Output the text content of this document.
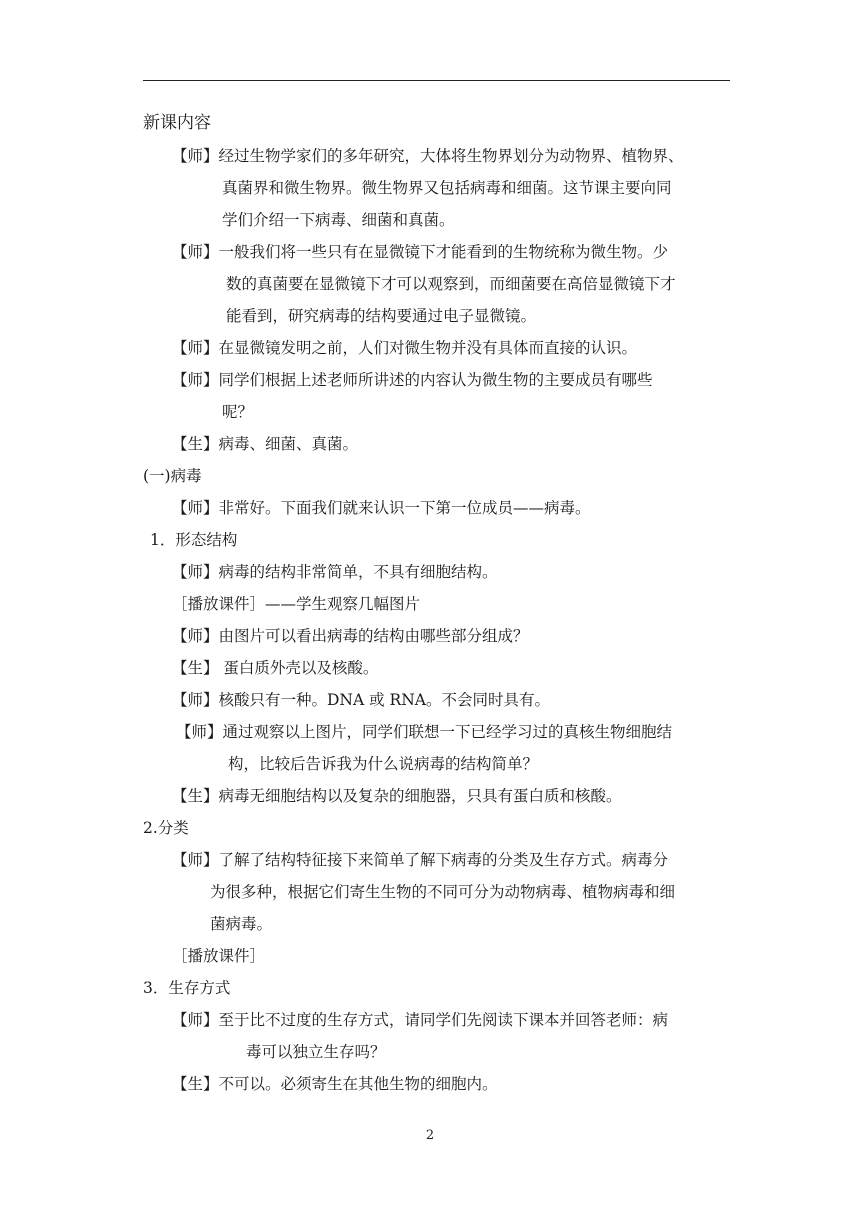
新课内容
【师】经过生物学家们的多年研究，大体将生物界划分为动物界、植物界、
真菌界和微生物界。微生物界又包括病毒和细菌。这节课主要向同
学们介绍一下病毒、细菌和真菌。
【师】一般我们将一些只有在显微镜下才能看到的生物统称为微生物。少
数的真菌要在显微镜下才可以观察到，而细菌要在高倍显微镜下才
能看到，研究病毒的结构要通过电子显微镜。
【师】在显微镜发明之前，人们对微生物并没有具体而直接的认识。
【师】同学们根据上述老师所讲述的内容认为微生物的主要成员有哪些
呢？
【生】病毒、细菌、真菌。
(一)病毒
【师】非常好。下面我们就来认识一下第一位成员——病毒。
1．形态结构
【师】病毒的结构非常简单，不具有细胞结构。
［播放课件］——学生观察几幅图片
【师】由图片可以看出病毒的结构由哪些部分组成？
【生】 蛋白质外壳以及核酸。
【师】核酸只有一种。DNA 或 RNA。不会同时具有。
【师】通过观察以上图片，同学们联想一下已经学习过的真核生物细胞结
构，比较后告诉我为什么说病毒的结构简单？
【生】病毒无细胞结构以及复杂的细胞器，只具有蛋白质和核酸。
2.分类
【师】了解了结构特征接下来简单了解下病毒的分类及生存方式。病毒分
为很多种，根据它们寄生生物的不同可分为动物病毒、植物病毒和细
菌病毒。
［播放课件］
3．生存方式
【师】至于比不过度的生存方式，请同学们先阅读下课本并回答老师：病
毒可以独立生存吗？
【生】不可以。必须寄生在其他生物的细胞内。
2
